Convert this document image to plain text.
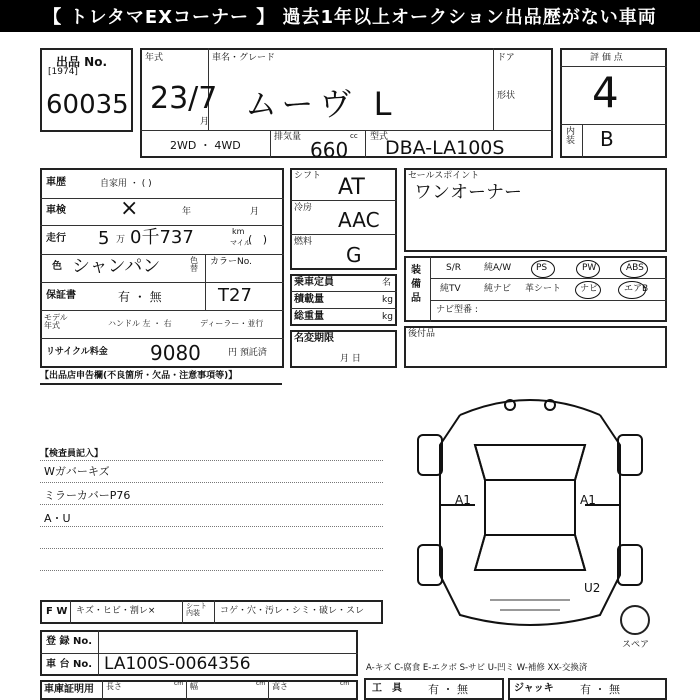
【 トレタマEXコーナー 】 過去1年以上オークション出品歴がない車両
出品 No.
[1974]
60035
年式
23/7
月
車名・グレード
ムーヴ L
ドア
形状
2WD ・ 4WD
排気量	cc
660
型式
DBA-LA100S
評 価 点
4
内装 B
車歴	自家用 ・ ( )
車検 ×	年	月
走行 5 万 0千737	km
マイル
(   )
色 シャンパン	色替
カラーNo.
T27
保証書	有 ・ 無
モデル年式	ハンドル 左 ・ 右	ディーラー・並行
リサイクル料金 9080	円 預託済
シフト AT
冷房 AAC
燃料
G
乗車定員	名
積載量	kg
総重量	kg
名変期限
月 日
セールスポイント
ワンオーナー
装備品
S/R	純A/W	PS	PW	ABS
純TV	純ナビ 革シート ナビ	エアB
ナビ型番 :
後付品
【出品店申告欄(不良箇所・欠品・注意事項等)】
【検査員記入】
Wガバーキズ
ミラーカバーP76
A・U
A1	A1
U2
スペア
F W キズ・ヒビ・割レ×	シート内装	コゲ・穴・汚レ・シミ・破レ・スレ
登 録 No.
車 台 No. LA100S-0064356
車庫証明用 長さ	cm 幅	cm 高さ	cm
A-キズ C-腐食 E-エクボ S-サビ U-凹ミ W-補修 XX-交換済
工　具 有 ・ 無	ジャッキ 有 ・ 無
